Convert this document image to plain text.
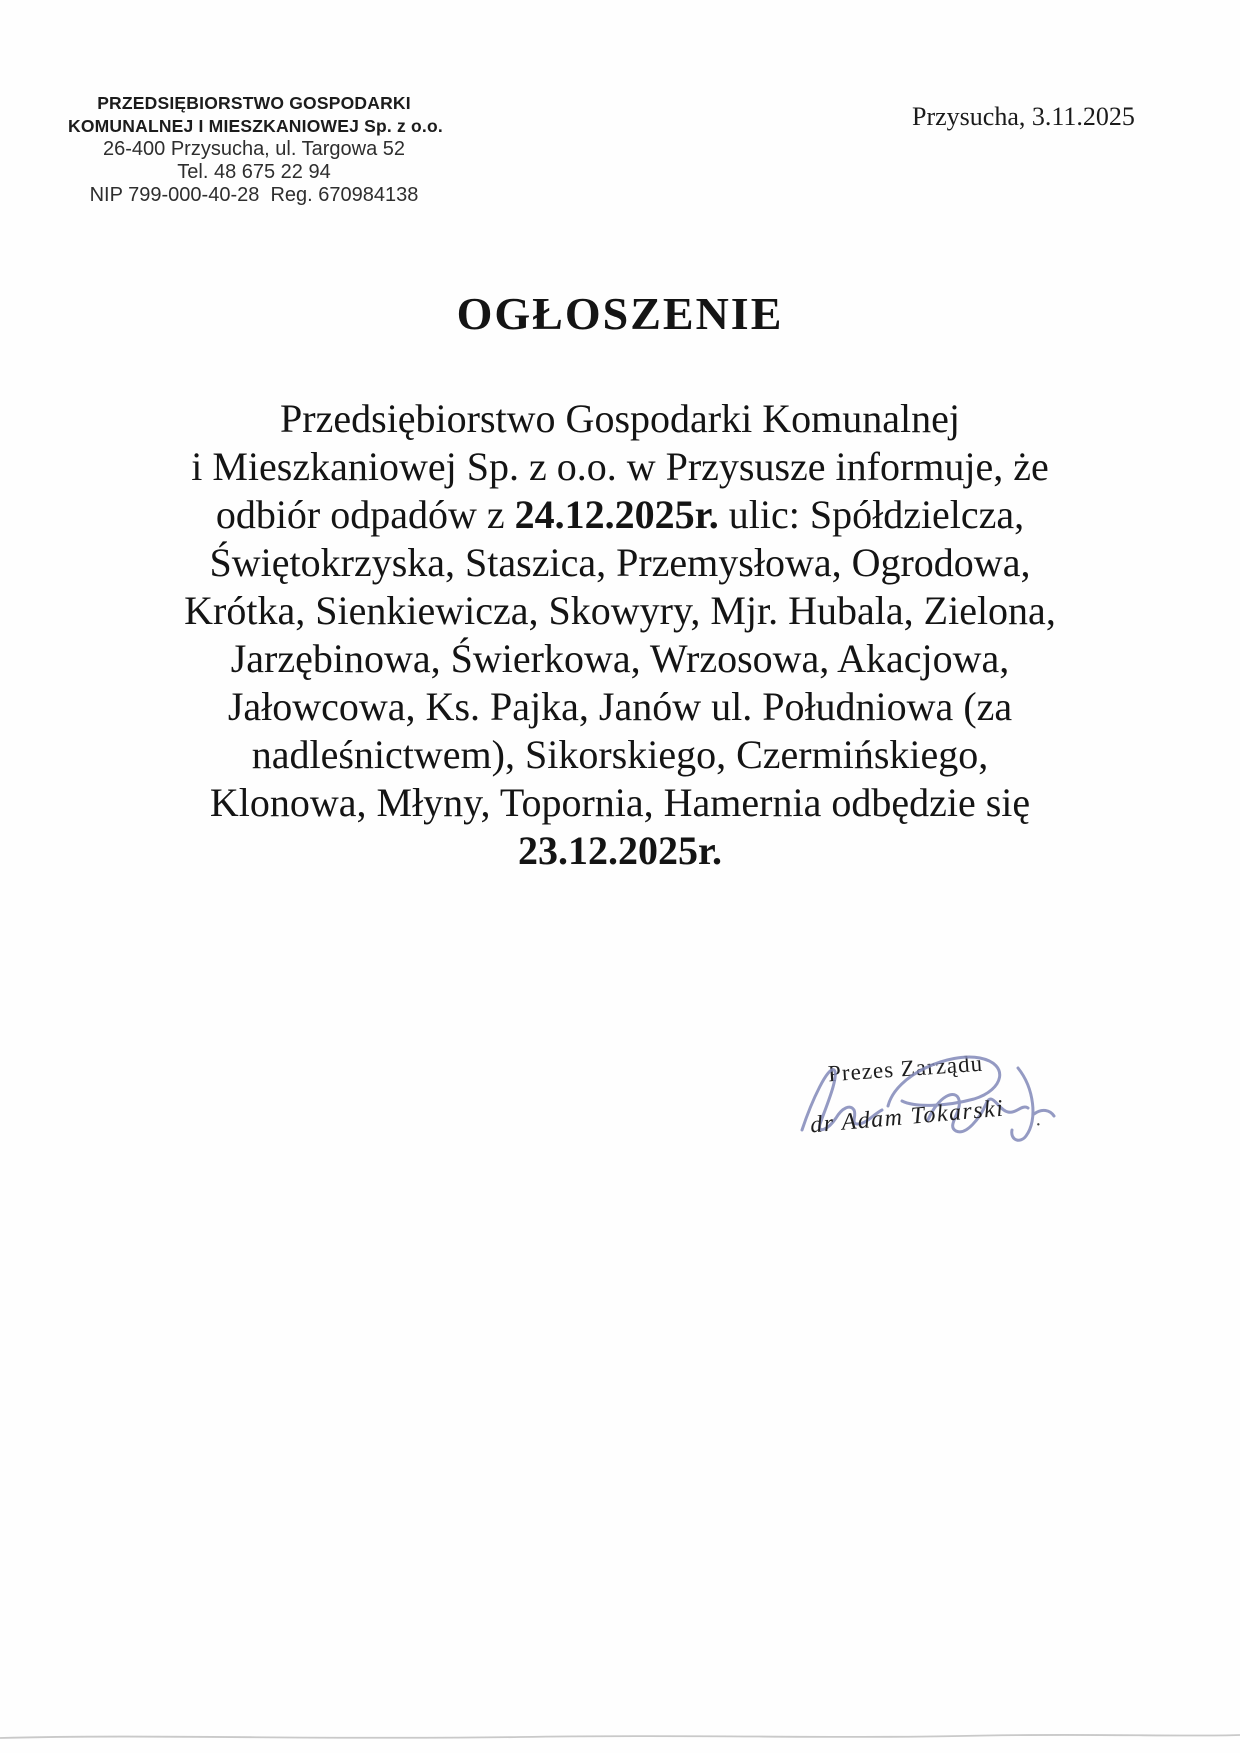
PRZEDSIĘBIORSTWO GOSPODARKI
KOMUNALNEJ I MIESZKANIOWEJ Sp. z o.o.
26-400 Przysucha, ul. Targowa 52
Tel. 48 675 22 94
NIP 799-000-40-28  Reg. 670984138
Przysucha, 3.11.2025
OGŁOSZENIE
Przedsiębiorstwo Gospodarki Komunalnej
i Mieszkaniowej Sp. z o.o. w Przysusze informuje, że
odbiór odpadów z 24.12.2025r. ulic: Spółdzielcza,
Świętokrzyska, Staszica, Przemysłowa, Ogrodowa,
Krótka, Sienkiewicza, Skowyry, Mjr. Hubala, Zielona,
Jarzębinowa, Świerkowa, Wrzosowa, Akacjowa,
Jałowcowa, Ks. Pajka, Janów ul. Południowa (za
nadleśnictwem), Sikorskiego, Czermińskiego,
Klonowa, Młyny, Topornia, Hamernia odbędzie się
23.12.2025r.
Prezes Zarządu
dr Adam Tokarski ·
